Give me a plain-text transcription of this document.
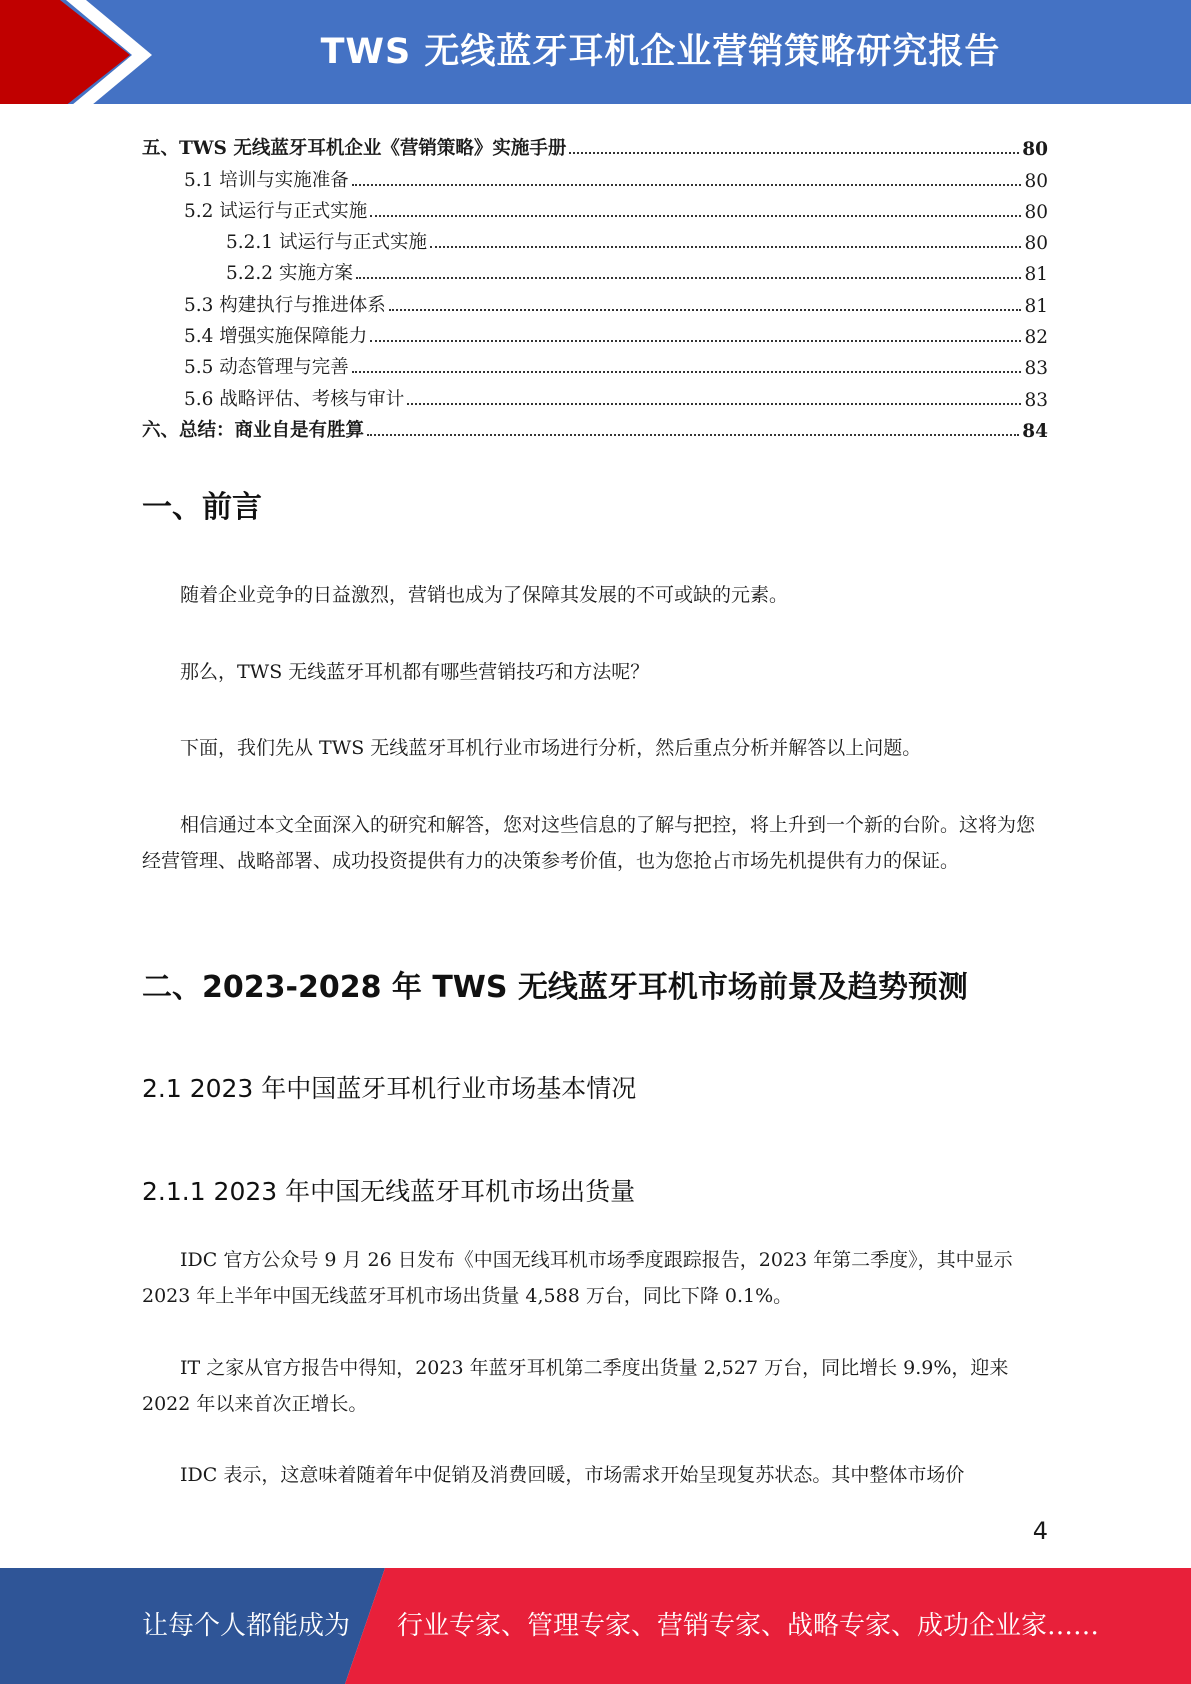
TWS 无线蓝牙耳机企业营销策略研究报告
五、TWS 无线蓝牙耳机企业《营销策略》实施手册	80
5.1 培训与实施准备	80
5.2 试运行与正式实施	80
5.2.1 试运行与正式实施	80
5.2.2 实施方案	81
5.3 构建执行与推进体系	81
5.4 增强实施保障能力	82
5.5 动态管理与完善	83
5.6 战略评估、考核与审计	83
六、总结：商业自是有胜算	84
一、前言
随着企业竞争的日益激烈，营销也成为了保障其发展的不可或缺的元素。
那么，TWS 无线蓝牙耳机都有哪些营销技巧和方法呢？
下面，我们先从 TWS 无线蓝牙耳机行业市场进行分析，然后重点分析并解答以上问题。
相信通过本文全面深入的研究和解答，您对这些信息的了解与把控，将上升到一个新的台阶。这将为您经营管理、战略部署、成功投资提供有力的决策参考价值，也为您抢占市场先机提供有力的保证。
二、2023-2028 年 TWS 无线蓝牙耳机市场前景及趋势预测
2.1 2023 年中国蓝牙耳机行业市场基本情况
2.1.1 2023 年中国无线蓝牙耳机市场出货量
IDC 官方公众号 9 月 26 日发布《中国无线耳机市场季度跟踪报告，2023 年第二季度》，其中显示 2023 年上半年中国无线蓝牙耳机市场出货量 4,588 万台，同比下降 0.1%。
IT 之家从官方报告中得知，2023 年蓝牙耳机第二季度出货量 2,527 万台，同比增长 9.9%，迎来 2022 年以来首次正增长。
IDC 表示，这意味着随着年中促销及消费回暖，市场需求开始呈现复苏状态。其中整体市场价
4
让每个人都能成为 行业专家、管理专家、营销专家、战略专家、成功企业家……
